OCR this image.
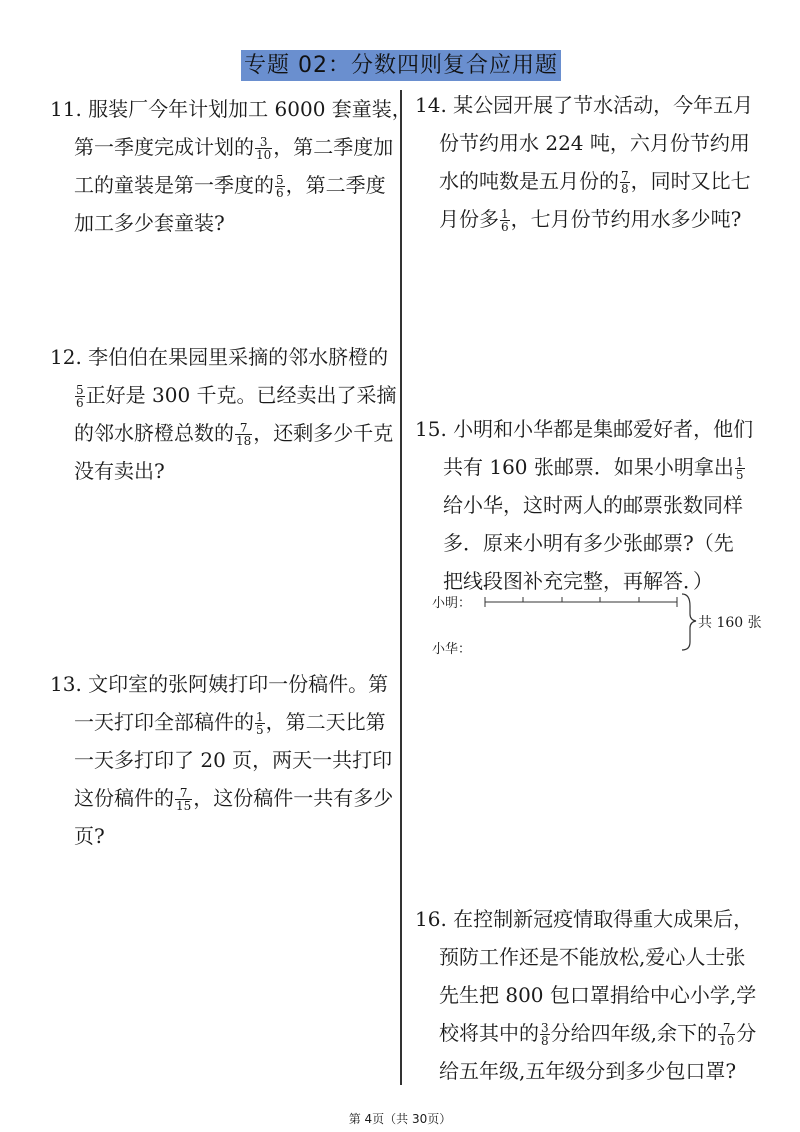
专题 02：分数四则复合应用题
11. 服装厂今年计划加工 6000 套童装，
第一季度完成计划的 $\frac{3}{10}$ ，第二季度加
工的童装是第一季度的 $\frac{5}{6}$ ，第二季度
加工多少套童装?
12. 李伯伯在果园里采摘的邻水脐橙的
$\frac{5}{6}$ 正好是 300 千克。已经卖出了采摘
的邻水脐橙总数的 $\frac{7}{18}$ ，还剩多少千克
没有卖出?
13. 文印室的张阿姨打印一份稿件。第
一天打印全部稿件的 $\frac{1}{5}$ ，第二天比第
一天多打印了 20 页，两天一共打印
这份稿件的 $\frac{7}{15}$ ，这份稿件一共有多少
页?
14. 某公园开展了节水活动，今年五月
份节约用水 224 吨，六月份节约用
水的吨数是五月份的 $\frac{7}{8}$ ，同时又比七
月份多 $\frac{1}{6}$ ，七月份节约用水多少吨?
15. 小明和小华都是集邮爱好者，他们
共有 160 张邮票．如果小明拿出 $\frac{1}{5}$
给小华，这时两人的邮票张数同样
多．原来小明有多少张邮票?（先
把线段图补充完整，再解答．）
小明：
小华：
共 160 张
16. 在控制新冠疫情取得重大成果后，
预防工作还是不能放松,爱心人士张
先生把 800 包口罩捐给中心小学,学
校将其中的 $\frac{3}{8}$ 分给四年级,余下的 $\frac{7}{10}$ 分
给五年级,五年级分到多少包口罩?
第 4页（共 30页）
